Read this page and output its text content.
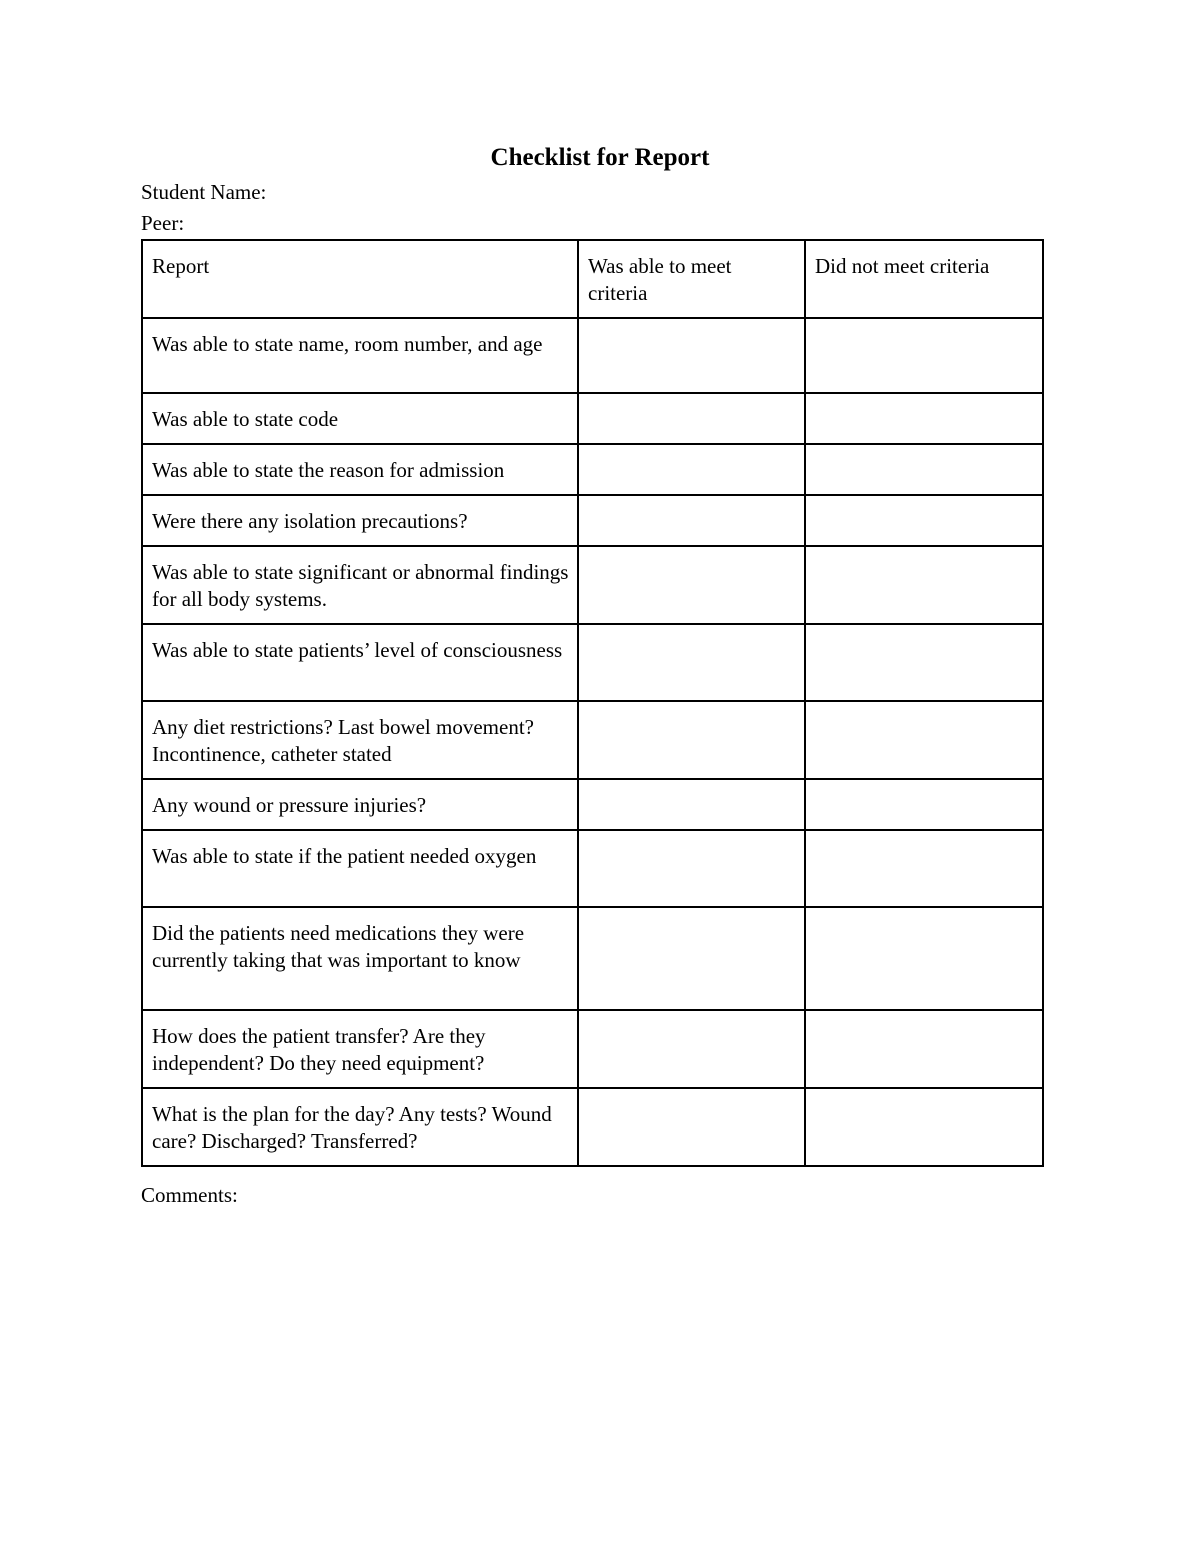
Checklist for Report
Student Name:
Peer:
Report	Was able to meet criteria	Did not meet criteria
Was able to state name, room number, and age		
Was able to state code		
Was able to state the reason for admission		
Were there any isolation precautions?		
Was able to state significant or abnormal findings for all body systems.		
Was able to state patients’ level of consciousness		
Any diet restrictions? Last bowel movement? Incontinence, catheter stated		
Any wound or pressure injuries?		
Was able to state if the patient needed oxygen		
Did the patients need medications they were currently taking that was important to know		
How does the patient transfer? Are they independent? Do they need equipment?		
What is the plan for the day? Any tests? Wound care? Discharged? Transferred?		
Comments:
